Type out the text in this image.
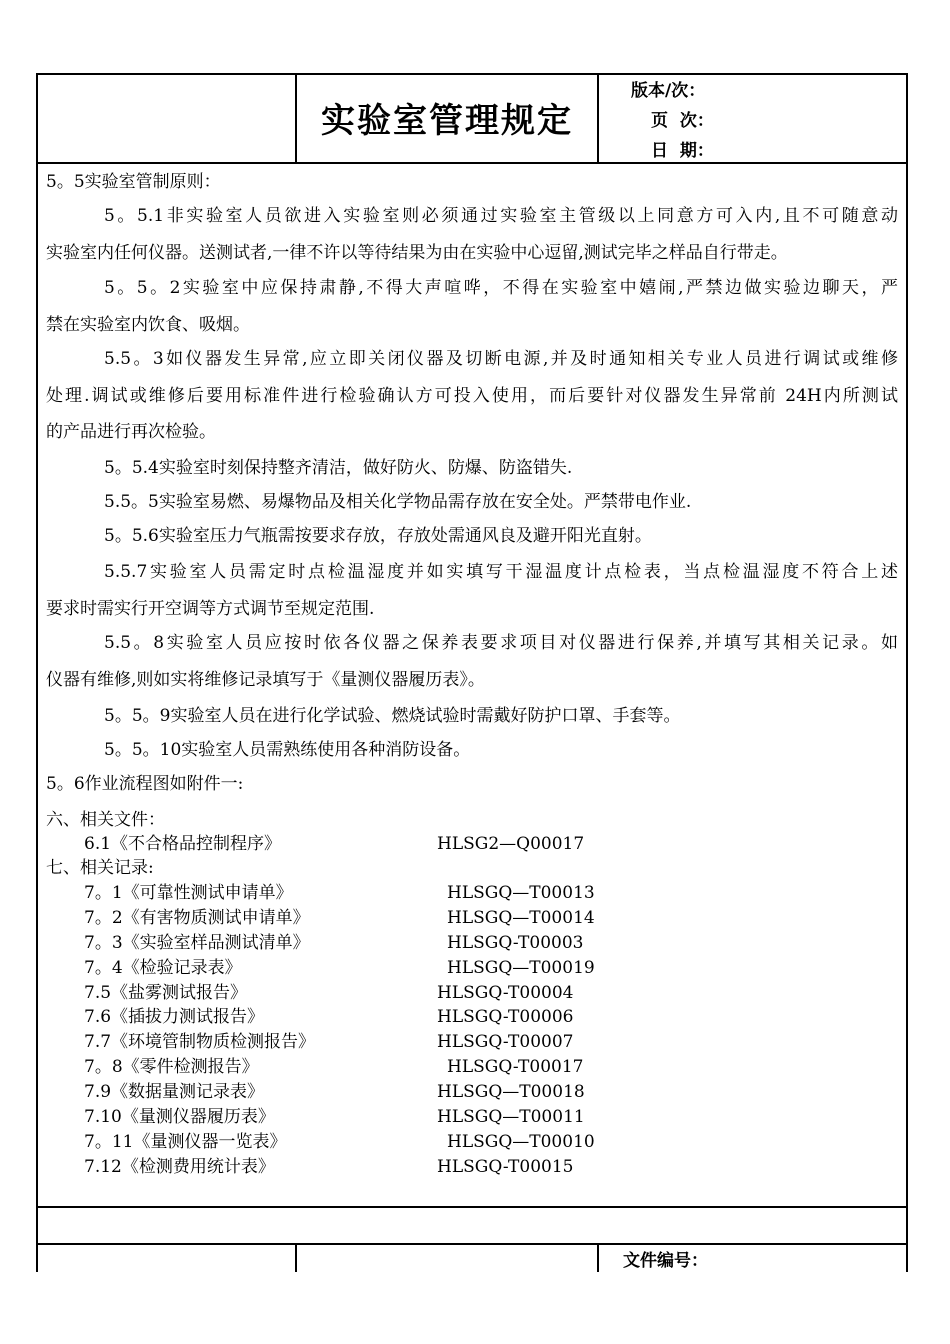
实验室管理规定
版本/次：
页  次：
日  期：
5。5实验室管制原则：
5。5.1非实验室人员欲进入实验室则必须通过实验室主管级以上同意方可入内,且不可随意动
实验室内任何仪器。送测试者,一律不许以等待结果为由在实验中心逗留,测试完毕之样品自行带走。
5。5。2实验室中应保持肃静,不得大声喧哗，不得在实验室中嬉闹,严禁边做实验边聊天，严
禁在实验室内饮食、吸烟。
5.5。3如仪器发生异常,应立即关闭仪器及切断电源,并及时通知相关专业人员进行调试或维修
处理.调试或维修后要用标准件进行检验确认方可投入使用，而后要针对仪器发生异常前 24H内所测试
的产品进行再次检验。
5。5.4实验室时刻保持整齐清洁，做好防火、防爆、防盗错失.
5.5。5实验室易燃、易爆物品及相关化学物品需存放在安全处。严禁带电作业.
5。5.6实验室压力气瓶需按要求存放，存放处需通风良及避开阳光直射。
5.5.7实验室人员需定时点检温湿度并如实填写干湿温度计点检表，当点检温湿度不符合上述
要求时需实行开空调等方式调节至规定范围.
5.5。8实验室人员应按时依各仪器之保养表要求项目对仪器进行保养,并填写其相关记录。如
仪器有维修,则如实将维修记录填写于《量测仪器履历表》。
5。5。9实验室人员在进行化学试验、燃烧试验时需戴好防护口罩、手套等。
5。5。10实验室人员需熟练使用各种消防设备。
5。6作业流程图如附件一:
六、相关文件：
6.1《不合格品控制程序》	HLSG2—Q00017
七、相关记录:
7。1《可靠性测试申请单》	HLSGQ—T00013
7。2《有害物质测试申请单》	HLSGQ—T00014
7。3《实验室样品测试清单》	HLSGQ-T00003
7。4《检验记录表》	HLSGQ—T00019
7.5《盐雾测试报告》	HLSGQ-T00004
7.6《插拔力测试报告》	HLSGQ-T00006
7.7《环境管制物质检测报告》	HLSGQ-T00007
7。8《零件检测报告》	HLSGQ-T00017
7.9《数据量测记录表》	HLSGQ—T00018
7.10《量测仪器履历表》	HLSGQ—T00011
7。11《量测仪器一览表》	HLSGQ—T00010
7.12《检测费用统计表》	HLSGQ-T00015
文件编号：
